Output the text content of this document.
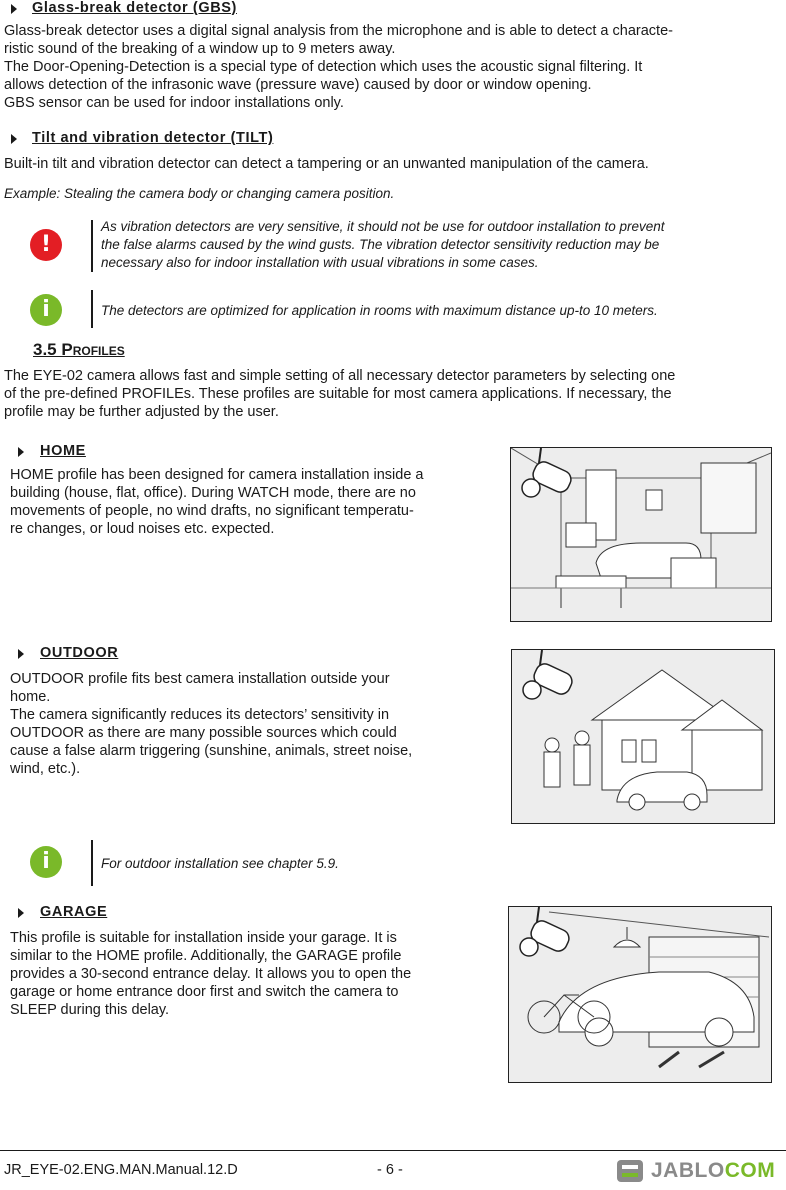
Glass-break detector (GBS)

Glass-break detector uses a digital signal analysis from the microphone and is able to detect a characte-

ristic sound of the breaking of a window up to 9 meters away.

The Door-Opening-Detection is a special type of detection which uses the acoustic signal filtering. It

allows detection of the infrasonic wave (pressure wave) caused by door or window opening.

GBS sensor can be used for indoor installations only.

Tilt and vibration detector (TILT)

Built-in tilt and vibration detector can detect a tampering or an unwanted manipulation of the camera.

Example: Stealing the camera body or changing camera position.

!
As vibration detectors are very sensitive, it should not be use for outdoor installation to prevent
the false alarms caused by the wind gusts. The vibration detector sensitivity reduction may be
necessary also for indoor installation with usual vibrations in some cases.
i	The detectors are optimized for application in rooms with maximum distance up-to 10 meters.
3.5 Profiles

The EYE-02 camera allows fast and simple setting of all necessary detector parameters by selecting one

of the pre-defined PROFILEs. These profiles are suitable for most camera applications. If necessary, the

profile may be further adjusted by the user.

HOME

HOME profile has been designed for camera installation inside a

building (house, flat, office). During WATCH mode, there are no

movements of people, no wind drafts, no significant temperatu-

re changes, or loud noises etc. expected.

OUTDOOR

OUTDOOR profile fits best camera installation outside your

home.

The camera significantly reduces its detectors’ sensitivity in

OUTDOOR as there are many possible sources which could

cause a false alarm triggering (sunshine, animals, street noise,

wind, etc.).

i	For outdoor installation see chapter 5.9.
GARAGE

This profile is suitable for installation inside your garage. It is

similar to the HOME profile. Additionally, the GARAGE profile

provides a 30-second entrance delay. It allows you to open the

garage or home entrance door first and switch the camera to

SLEEP during this delay.

JR_EYE-02.ENG.MAN.Manual.12.D	- 6 -	JABLOCOM
